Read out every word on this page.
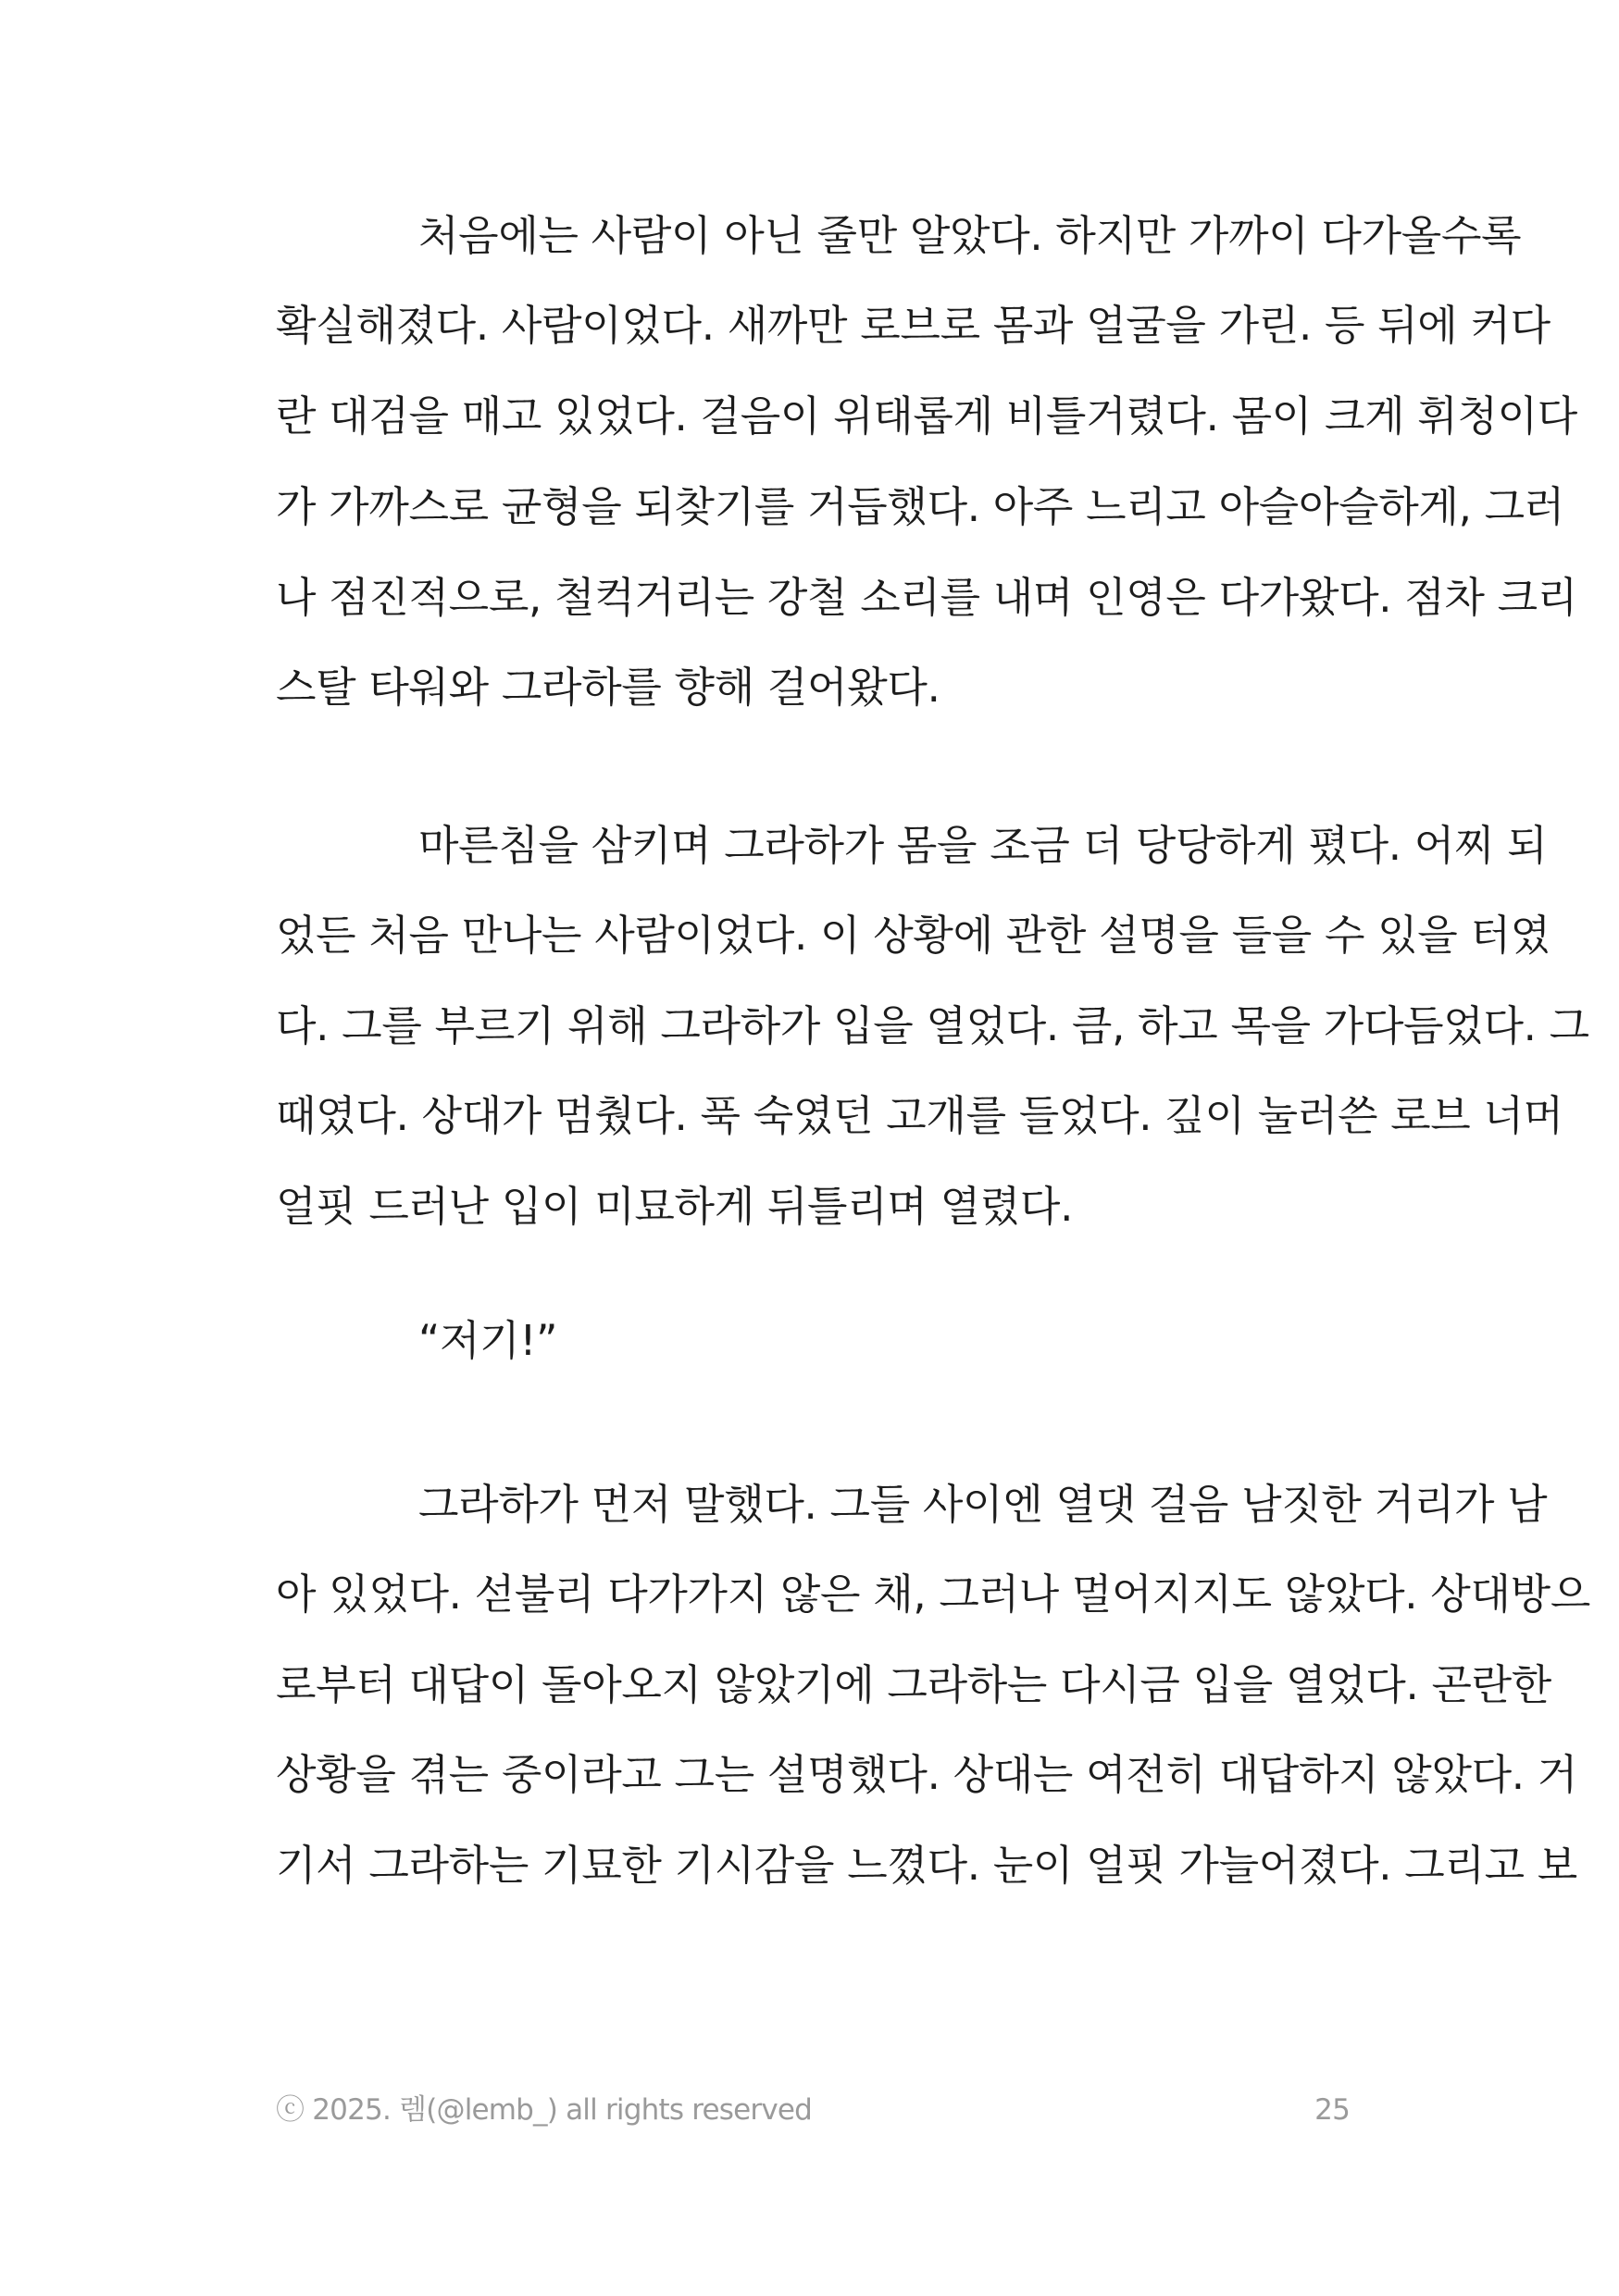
처음에는 사람이 아닌 줄만 알았다. 하지만 가까이 다가올수록
확실해졌다. 사람이었다. 새까만 로브로 몸과 얼굴을 가린. 등 뒤에 커다
란 대검을 매고 있었다. 걸음이 위태롭게 비틀거렸다. 몸이 크게 휘청이다
가 가까스로 균형을 되찾기를 거듭했다. 아주 느리고 아슬아슬하게, 그러
나 점진적으로, 철컥거리는 강철 소리를 내며 인영은 다가왔다. 점차 크리
스탈 타워와 그라하를 향해 걸어왔다.
마른침을 삼키며 그라하가 몸을 조금 더 당당하게 폈다. 어찌 되
었든 처음 만나는 사람이었다. 이 상황에 관한 설명을 들을 수 있을 터였
다. 그를 부르기 위해 그라하가 입을 열었다. 큼, 하고 목을 가다듬었다. 그
때였다. 상대가 멈췄다. 푹 숙였던 고개를 들었다. 깊이 눌러쓴 로브 너머
얼핏 드러난 입이 미묘하게 뒤틀리며 열렸다.
“저기!”
그라하가 먼저 말했다. 그들 사이엔 열댓 걸음 남짓한 거리가 남
아 있었다. 섣불리 다가가지 않은 채, 그러나 멀어지지도 않았다. 상대방으
로부터 대답이 돌아오지 않았기에 그라하는 다시금 입을 열었다. 곤란한
상황을 겪는 중이라고 그는 설명했다. 상대는 여전히 대답하지 않았다. 거
기서 그라하는 기묘한 기시감을 느꼈다. 눈이 얼핏 가늘어졌다. 그리고 보
ⓒ 2025. 렘(@lemb_) all rights reserved	25
